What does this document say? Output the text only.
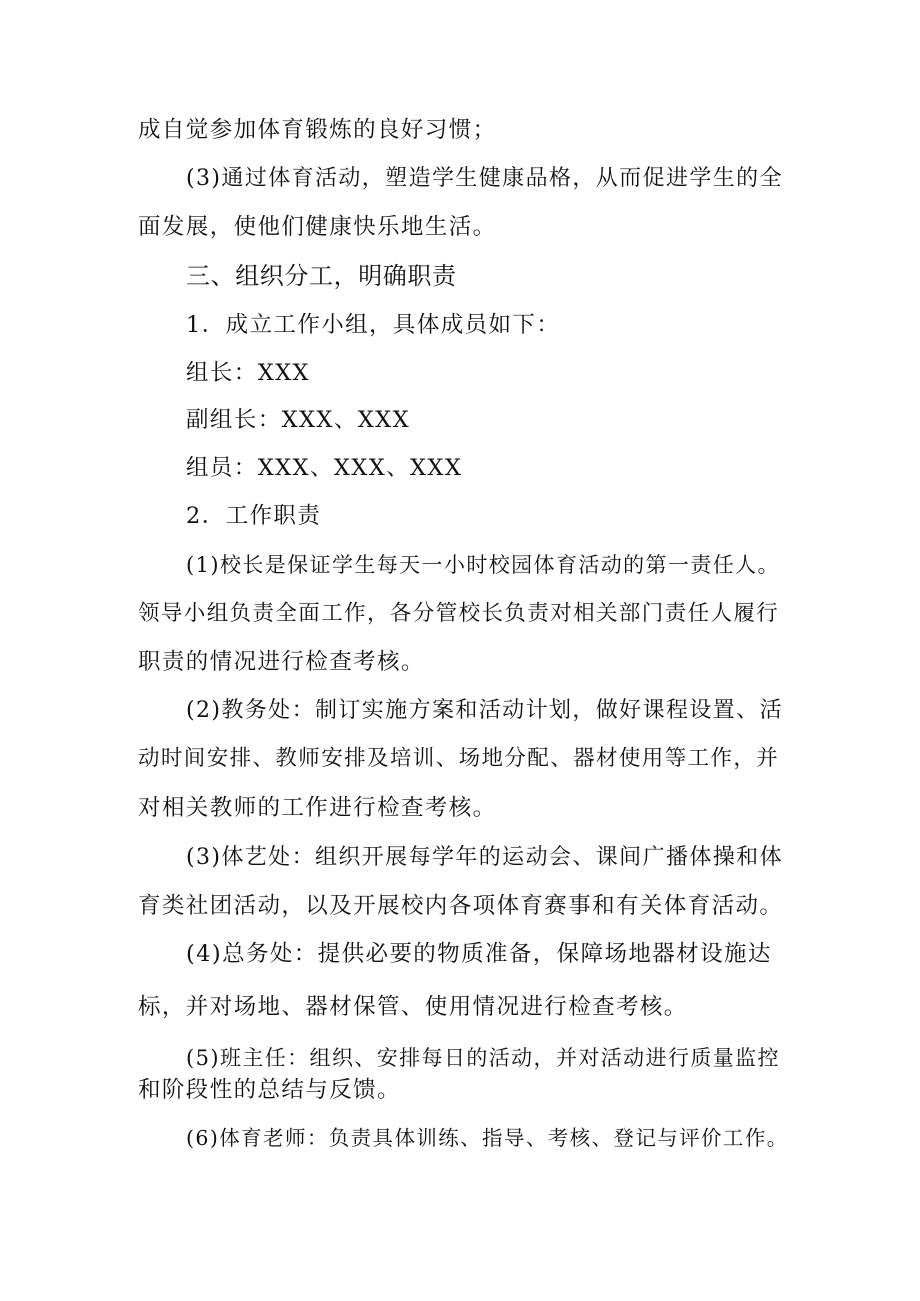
成自觉参加体育锻炼的良好习惯；
(3)通过体育活动，塑造学生健康品格，从而促进学生的全
面发展，使他们健康快乐地生活。
三、组织分工，明确职责
1．成立工作小组，具体成员如下：
组长：XXX
副组长：XXX、XXX
组员：XXX、XXX、XXX
2．工作职责
(1)校长是保证学生每天一小时校园体育活动的第一责任人。
领导小组负责全面工作，各分管校长负责对相关部门责任人履行
职责的情况进行检查考核。
(2)教务处：制订实施方案和活动计划，做好课程设置、活
动时间安排、教师安排及培训、场地分配、器材使用等工作，并
对相关教师的工作进行检查考核。
(3)体艺处：组织开展每学年的运动会、课间广播体操和体
育类社团活动，以及开展校内各项体育赛事和有关体育活动。
(4)总务处：提供必要的物质准备，保障场地器材设施达
标，并对场地、器材保管、使用情况进行检查考核。
(5)班主任：组织、安排每日的活动，并对活动进行质量监控
和阶段性的总结与反馈。
(6)体育老师：负责具体训练、指导、考核、登记与评价工作。
